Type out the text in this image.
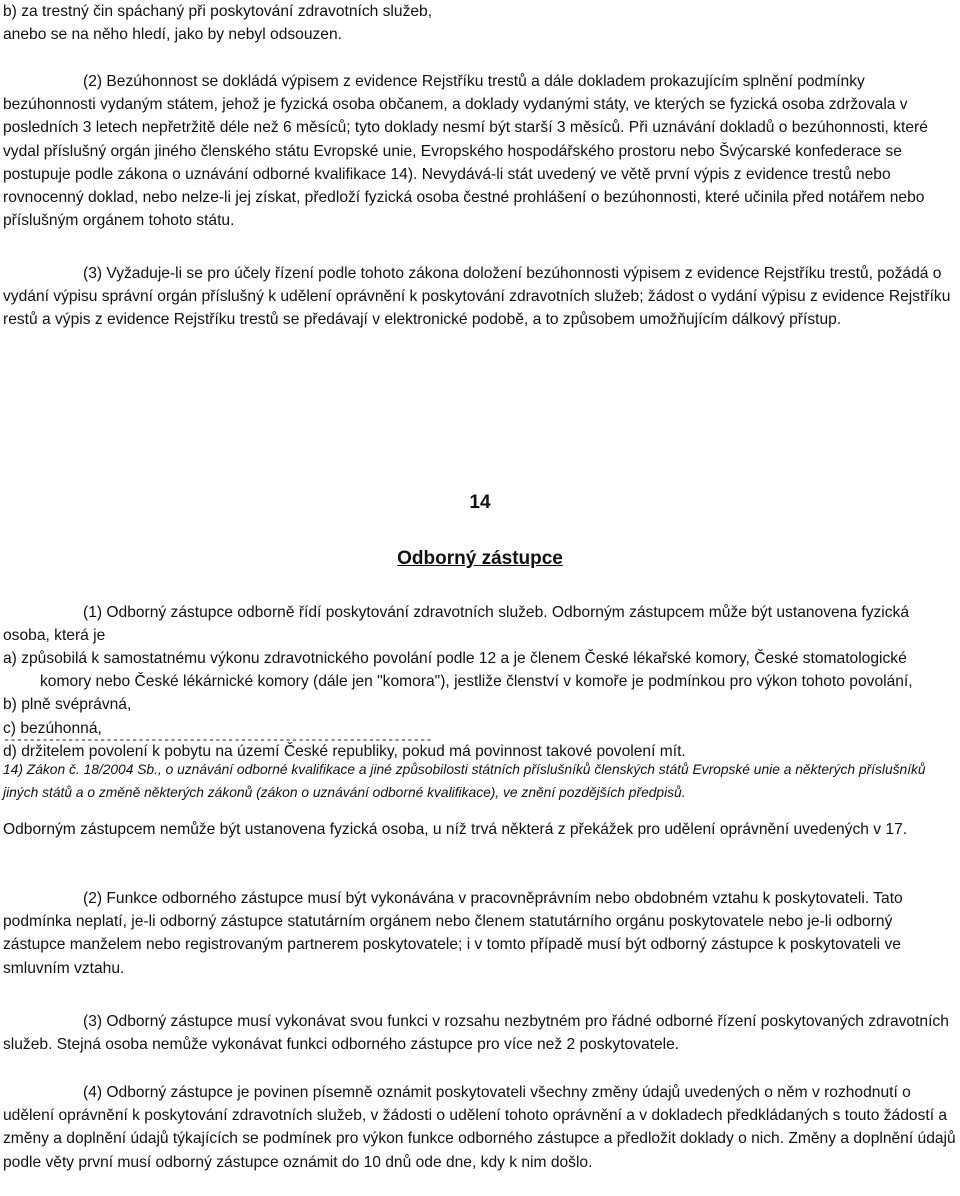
b) za trestný čin spáchaný při poskytování zdravotních služeb,

anebo se na něho hledí, jako by nebyl odsouzen.

(2) Bezúhonnost se dokládá výpisem z evidence Rejstříku trestů a dále dokladem prokazujícím splnění podmínky bezúhonnosti vydaným státem, jehož je fyzická osoba občanem, a doklady vydanými státy, ve kterých se fyzická osoba zdržovala v posledních 3 letech nepřetržitě déle než 6 měsíců; tyto doklady nesmí být starší 3 měsíců. Při uznávání dokladů o bezúhonnosti, které vydal příslušný orgán jiného členského státu Evropské unie, Evropského hospodářského prostoru nebo Švýcarské konfederace se postupuje podle zákona o uznávání odborné kvalifikace 14). Nevydává-li stát uvedený ve větě první výpis z evidence trestů nebo rovnocenný doklad, nebo nelze-li jej získat, předloží fyzická osoba čestné prohlášení o bezúhonnosti, které učinila před notářem nebo příslušným orgánem tohoto státu.

(3) Vyžaduje-li se pro účely řízení podle tohoto zákona doložení bezúhonnosti výpisem z evidence Rejstříku trestů, požádá o vydání výpisu správní orgán příslušný k udělení oprávnění k poskytování zdravotních služeb; žádost o vydání výpisu z evidence Rejstříku restů a výpis z evidence Rejstříku trestů se předávají v elektronické podobě, a to způsobem umožňujícím dálkový přístup.

-------------------------------------------------------------------

14) Zákon č. 18/2004 Sb., o uznávání odborné kvalifikace a jiné způsobilosti státních příslušníků členských států Evropské unie a některých příslušníků jiných států a o změně některých zákonů (zákon o uznávání odborné kvalifikace), ve znění pozdějších předpisů.

14
Odborný zástupce

(1) Odborný zástupce odborně řídí poskytování zdravotních služeb. Odborným zástupcem může být ustanovena fyzická osoba, která je

a) způsobilá k samostatnému výkonu zdravotnického povolání podle 12 a je členem České lékařské komory, České stomatologické komory nebo České lékárnické komory (dále jen "komora"), jestliže členství v komoře je podmínkou pro výkon tohoto povolání,

b) plně svéprávná,

c) bezúhonná,

d) držitelem povolení k pobytu na území České republiky, pokud má povinnost takové povolení mít.

Odborným zástupcem nemůže být ustanovena fyzická osoba, u níž trvá některá z překážek pro udělení oprávnění uvedených v 17.

(2) Funkce odborného zástupce musí být vykonávána v pracovněprávním nebo obdobném vztahu k poskytovateli. Tato podmínka neplatí, je-li odborný zástupce statutárním orgánem nebo členem statutárního orgánu poskytovatele nebo je-li odborný zástupce manželem nebo registrovaným partnerem poskytovatele; i v tomto případě musí být odborný zástupce k poskytovateli ve smluvním vztahu.

(3) Odborný zástupce musí vykonávat svou funkci v rozsahu nezbytném pro řádné odborné řízení poskytovaných zdravotních služeb. Stejná osoba nemůže vykonávat funkci odborného zástupce pro více než 2 poskytovatele.

(4) Odborný zástupce je povinen písemně oznámit poskytovateli všechny změny údajů uvedených o něm v rozhodnutí o udělení oprávnění k poskytování zdravotních služeb, v žádosti o udělení tohoto oprávnění a v dokladech předkládaných s touto žádostí a změny a doplnění údajů týkajících se podmínek pro výkon funkce odborného zástupce a předložit doklady o nich. Změny a doplnění údajů podle věty první musí odborný zástupce oznámit do 10 dnů ode dne, kdy k nim došlo.
